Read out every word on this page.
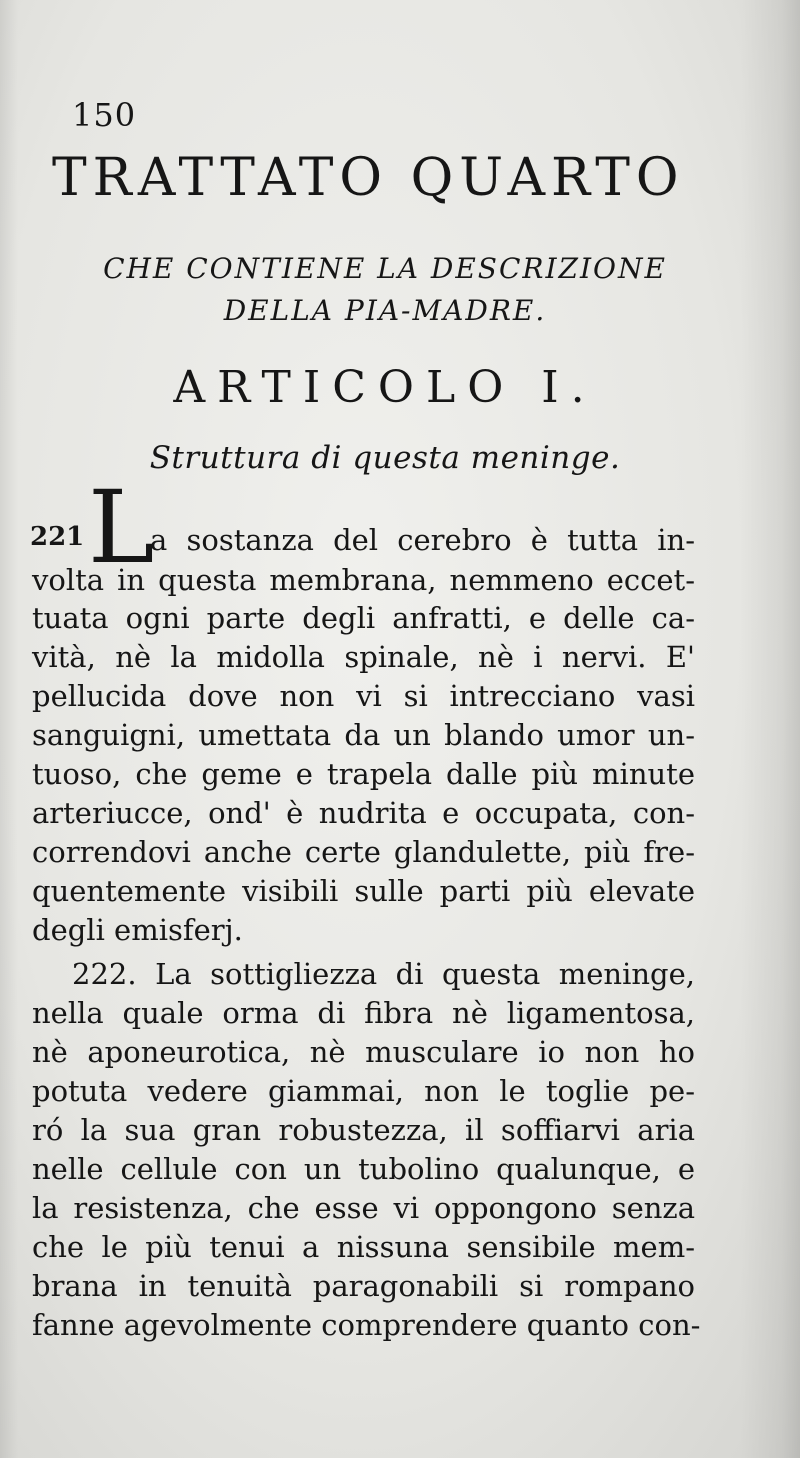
150
TRATTATO QUARTO
CHE CONTIENE LA DESCRIZIONE
DELLA PIA-MADRE.
ARTICOLO I.
Struttura di questa meninge.
221 L
a sostanza del cerebro è tutta in-
volta in questa membrana, nemmeno eccet-
tuata ogni parte degli anfratti, e delle ca-
vità, nè la midolla spinale, nè i nervi. E'
pellucida dove non vi si intrecciano vasi
sanguigni, umettata da un blando umor un-
tuoso, che geme e trapela dalle più minute
arteriucce, ond' è nudrita e occupata, con-
correndovi anche certe glandulette, più fre-
quentemente visibili sulle parti più elevate
degli emisferj.
222. La sottigliezza di questa meninge,
nella quale orma di fibra nè ligamentosa,
nè aponeurotica, nè musculare io non ho
potuta vedere giammai, non le toglie pe-
ró la sua gran robustezza, il soffiarvi aria
nelle cellule con un tubolino qualunque, e
la resistenza, che esse vi oppongono senza
che le più tenui a nissuna sensibile mem-
brana in tenuità paragonabili si rompano
fanne agevolmente comprendere quanto con-
